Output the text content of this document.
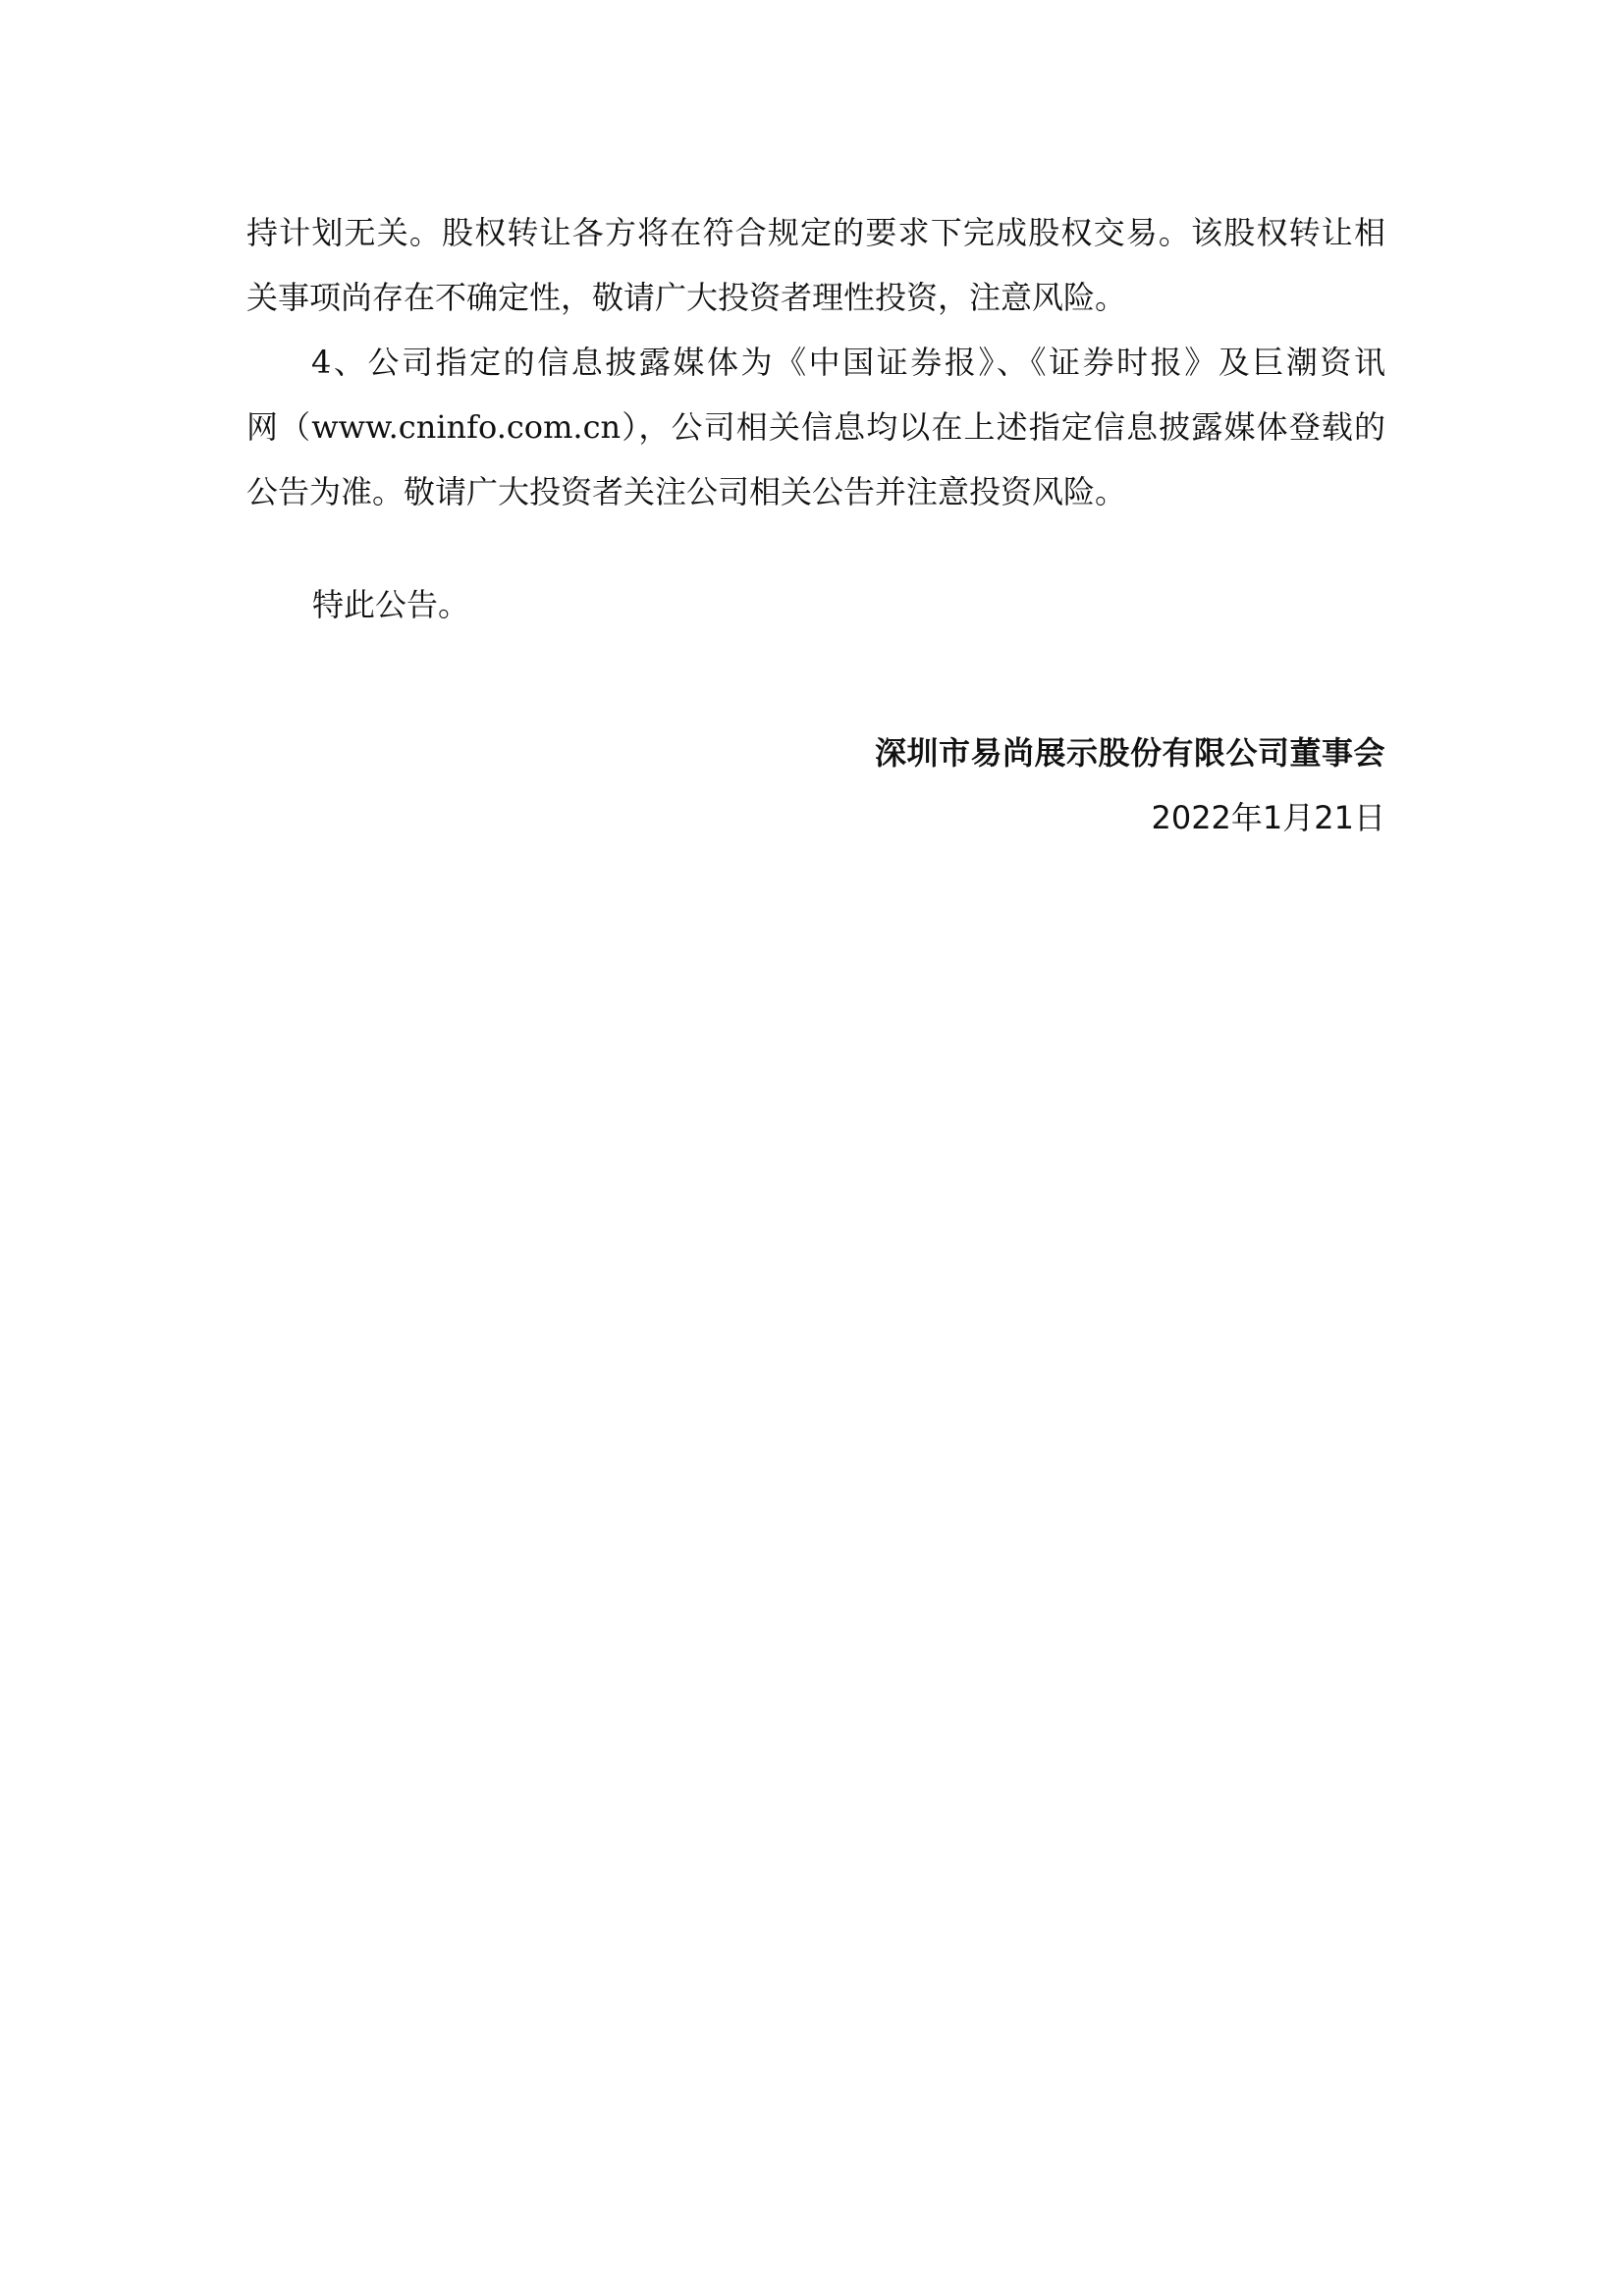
持计划无关。股权转让各方将在符合规定的要求下完成股权交易。该股权转让相
关事项尚存在不确定性，敬请广大投资者理性投资，注意风险。
4、公司指定的信息披露媒体为《中国证券报》、《证券时报》及巨潮资讯
网（www.cninfo.com.cn），公司相关信息均以在上述指定信息披露媒体登载的
公告为准。敬请广大投资者关注公司相关公告并注意投资风险。
特此公告。
深圳市易尚展示股份有限公司董事会
2022年1月21日
